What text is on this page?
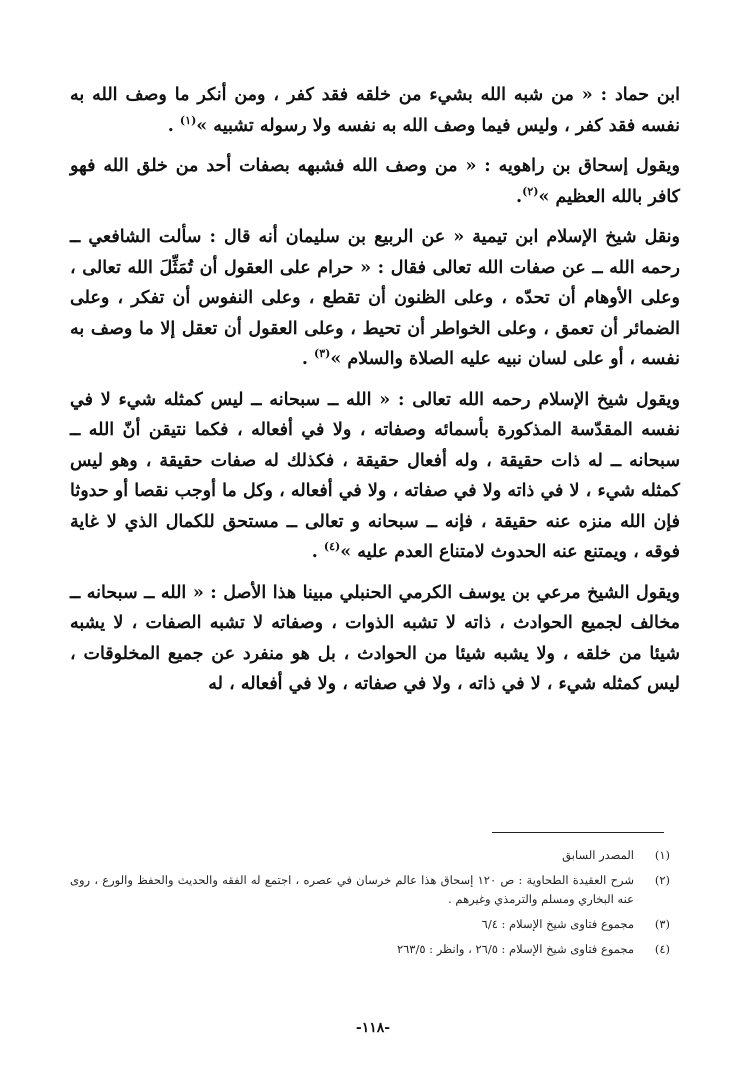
ابن حماد : « من شبه الله بشيء من خلقه فقد كفر ، ومن أنكر ما وصف الله به نفسه فقد كفر ، وليس فيما وصف الله به نفسه ولا رسوله تشبيه »$^{(١)}$ .

ويقول إسحاق بن راهويه : « من وصف الله فشبهه بصفات أحد من خلق الله فهو كافر بالله العظيم »$^{(٢)}$.

ونقل شيخ الإسلام ابن تيمية « عن الربيع بن سليمان أنه قال : سألت الشافعي ــ رحمه الله ــ عن صفات الله تعالى فقال : « حرام على العقول أن تُمَثِّلَ الله تعالى ، وعلى الأوهام أن تحدّه ، وعلى الظنون أن تقطع ، وعلى النفوس أن تفكر ، وعلى الضمائر أن تعمق ، وعلى الخواطر أن تحيط ، وعلى العقول أن تعقل إلا ما وصف به نفسه ، أو على لسان نبيه عليه الصلاة والسلام »$^{(٣)}$ .

ويقول شيخ الإسلام رحمه الله تعالى : « الله ــ سبحانه ــ ليس كمثله شيء لا في نفسه المقدّسة المذكورة بأسمائه وصفاته ، ولا في أفعاله ، فكما نتيقن أنّ الله ــ سبحانه ــ له ذات حقيقة ، وله أفعال حقيقة ، فكذلك له صفات حقيقة ، وهو ليس كمثله شيء ، لا في ذاته ولا في صفاته ، ولا في أفعاله ، وكل ما أوجب نقصا أو حدوثا فإن الله منزه عنه حقيقة ، فإنه ــ سبحانه و تعالى ــ مستحق للكمال الذي لا غاية فوقه ، ويمتنع عنه الحدوث لامتناع العدم عليه »$^{(٤)}$ .

ويقول الشيخ مرعي بن يوسف الكرمي الحنبلي مبينا هذا الأصل : « الله ــ سبحانه ــ مخالف لجميع الحوادث ، ذاته لا تشبه الذوات ، وصفاته لا تشبه الصفات ، لا يشبه شيئا من خلقه ، ولا يشبه شيئا من الحوادث ، بل هو منفرد عن جميع المخلوقات ، ليس كمثله شيء ، لا في ذاته ، ولا في صفاته ، ولا في أفعاله ، له

(١)
المصدر السابق
(٢)
شرح العقيدة الطحاوية : ص ١٢٠ إسحاق هذا عالم خرسان في عصره ، اجتمع له الفقه والحديث والحفظ والورع ، روى عنه البخاري ومسلم والترمذي وغيرهم .
(٣)
مجموع فتاوى شيخ الإسلام : ٦/٤
(٤)
مجموع فتاوى شيخ الإسلام : ٢٦/٥ ، وانظر : ٢٦٣/٥
-١١٨-
